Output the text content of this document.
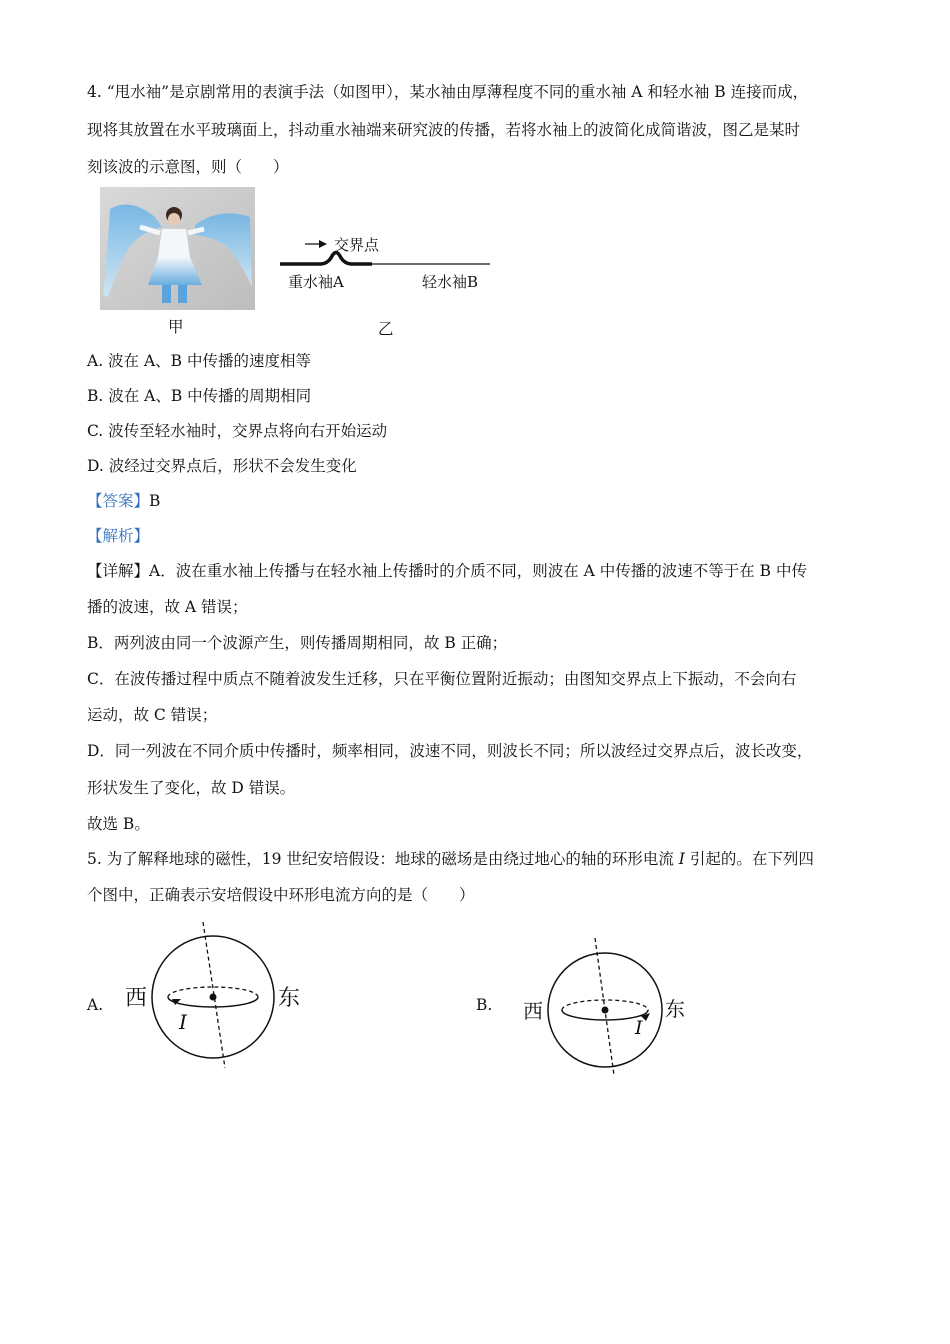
4. “甩水袖”是京剧常用的表演手法（如图甲），某水袖由厚薄程度不同的重水袖 A 和轻水袖 B 连接而成，
现将其放置在水平玻璃面上，抖动重水袖端来研究波的传播，若将水袖上的波简化成简谐波，图乙是某时
刻该波的示意图，则（　　）
甲
交界点
重水袖A	轻水袖B
乙
A. 波在 A、B 中传播的速度相等
B. 波在 A、B 中传播的周期相同
C. 波传至轻水袖时，交界点将向右开始运动
D. 波经过交界点后，形状不会发生变化
【答案】B
【解析】
【详解】A．波在重水袖上传播与在轻水袖上传播时的介质不同，则波在 A 中传播的波速不等于在 B 中传
播的波速，故 A 错误；
B．两列波由同一个波源产生，则传播周期相同，故 B 正确；
C．在波传播过程中质点不随着波发生迁移，只在平衡位置附近振动；由图知交界点上下振动，不会向右
运动，故 C 错误；
D．同一列波在不同介质中传播时，频率相同，波速不同，则波长不同；所以波经过交界点后，波长改变，
形状发生了变化，故 D 错误。
故选 B。
5. 为了解释地球的磁性，19 世纪安培假设：地球的磁场是由绕过地心的轴的环形电流 I 引起的。在下列四
个图中，正确表示安培假设中环形电流方向的是（　　）
A. 西	东
I
B. 西	东
I
